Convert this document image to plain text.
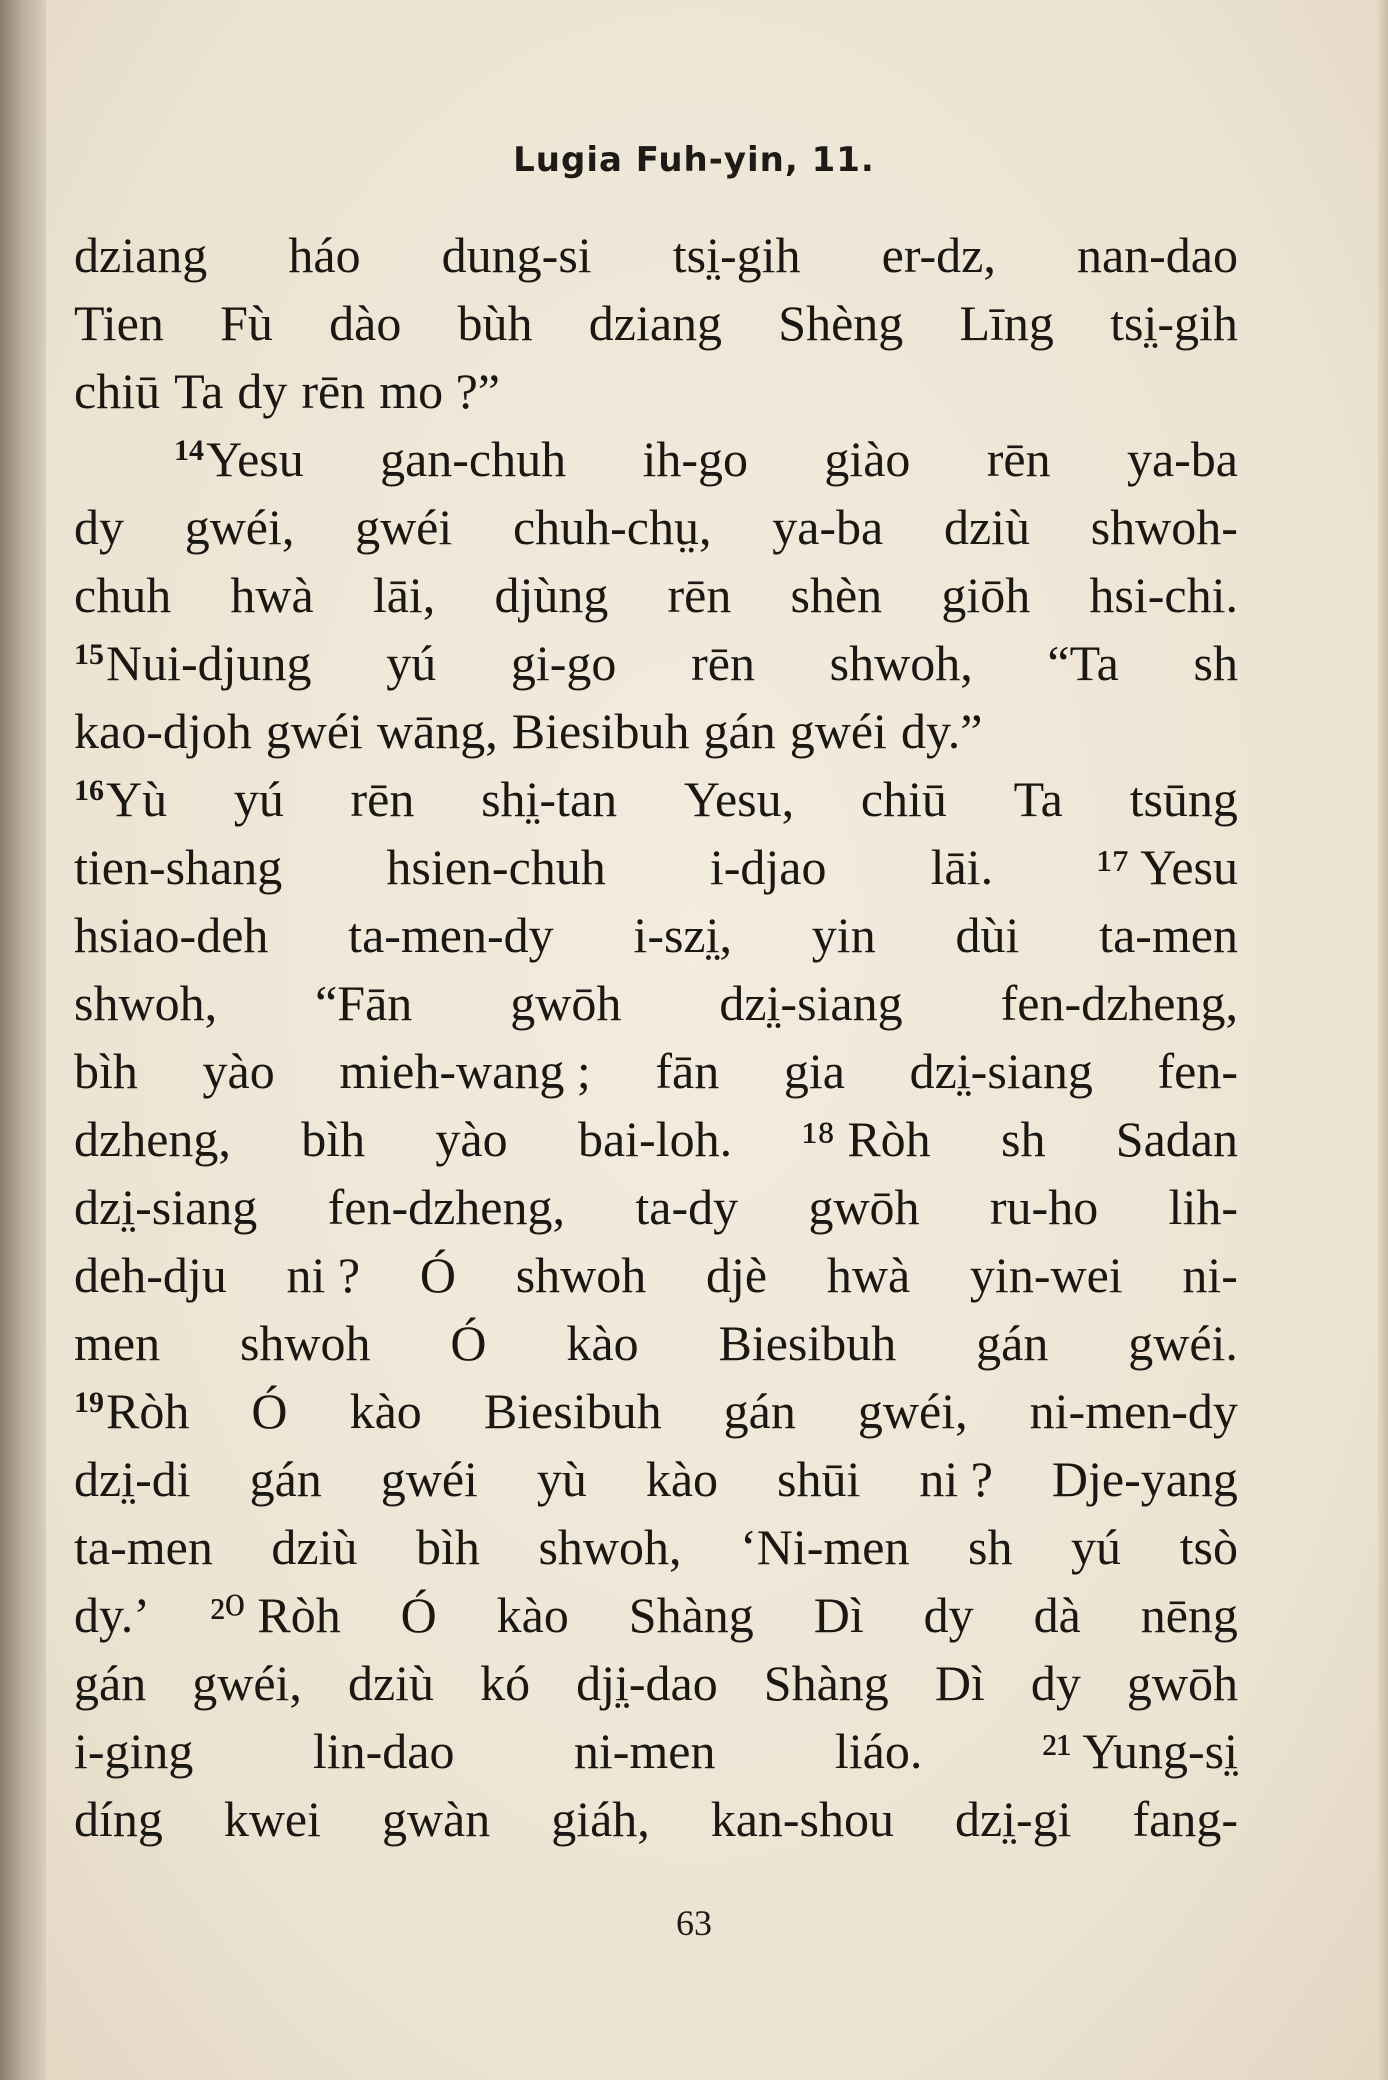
Lugia Fuh-yin, 11.
dziang háo dung-si tsi̤-gih er-dz, nan-dao
Tien Fù dào bùh dziang Shèng Līng tsi̤-gih
chiū Ta dy rēn mo ?”
$^{14}$Yesu gan-chuh ih-go giào rēn ya-ba
dy gwéi, gwéi chuh-chṳ, ya-ba dziù shwoh-
chuh hwà lāi, djùng rēn shèn giōh hsi-chi.
$^{15}$Nui-djung yú gi-go rēn shwoh, “Ta sh
kao-djoh gwéi wāng, Biesibuh gán gwéi dy.”
$^{16}$Yù yú rēn shi̤-tan Yesu, chiū Ta tsūng
tien-shang hsien-chuh i-djao lāi. ¹⁷ Yesu
hsiao-deh ta-men-dy i-szi̤, yin dùi ta-men
shwoh, “Fān gwōh dzi̤-siang fen-dzheng,
bìh yào mieh-wang ; fān gia dzi̤-siang fen-
dzheng, bìh yào bai-loh. ¹⁸ Ròh sh Sadan
dzi̤-siang fen-dzheng, ta-dy gwōh ru-ho lih-
deh-dju ni ? Ó shwoh djè hwà yin-wei ni-
men shwoh Ó kào Biesibuh gán gwéi.
$^{19}$Ròh Ó kào Biesibuh gán gwéi, ni-men-dy
dzi̤-di gán gwéi yù kào shūi ni ? Dje-yang
ta-men dziù bìh shwoh, ‘Ni-men sh yú tsò
dy.’ ²⁰ Ròh Ó kào Shàng Dì dy dà nēng
gán gwéi, dziù kó dji̤-dao Shàng Dì dy gwōh
i-ging lin-dao ni-men liáo. ²¹ Yung-si̤
díng kwei gwàn giáh, kan-shou dzi̤-gi fang-
63
